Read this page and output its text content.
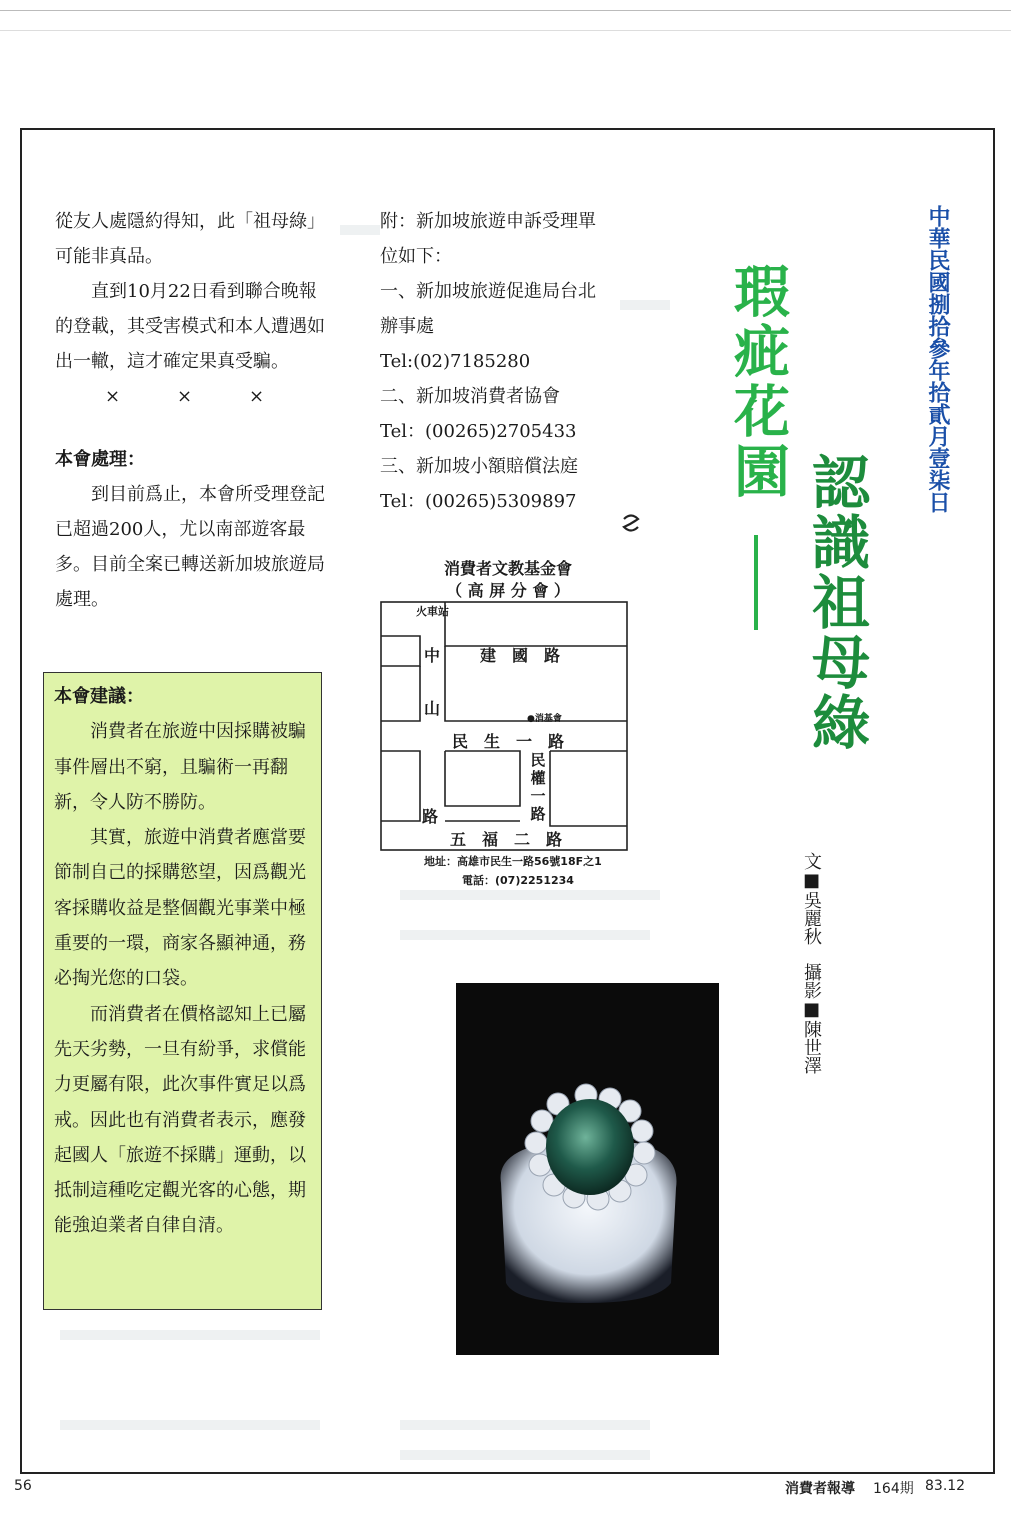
從友人處隱約得知，此「祖母綠」可能非真品。

直到10月22日看到聯合晚報的登載，其受害模式和本人遭遇如出一轍，這才確定果真受騙。

×	×	×

本會處理：

到目前爲止，本會所受理登記已超過200人，尤以南部遊客最多。目前全案已轉送新加坡旅遊局處理。

本會建議：

消費者在旅遊中因採購被騙事件層出不窮，且騙術一再翻新，令人防不勝防。

其實，旅遊中消費者應當要節制自己的採購慾望，因爲觀光客採購收益是整個觀光事業中極重要的一環，商家各顯神通，務必掏光您的口袋。

而消費者在價格認知上已屬先天劣勢，一旦有紛爭，求償能力更屬有限，此次事件實足以爲戒。因此也有消費者表示，應發起國人「旅遊不採購」運動，以抵制這種吃定觀光客的心態，期能強迫業者自律自清。

附：新加坡旅遊申訴受理單

位如下：

一、新加坡旅遊促進局台北

辦事處

Tel:(02)7185280

二、新加坡消費者協會

Tel：(00265)2705433

三、新加坡小額賠償法庭

Tel：(00265)5309897

消費者文教基金會
（ 高 屏 分 會 ）
火車站
中 建　國　路
山
●消基會
民　生　一　路
民
權
一
路
路
五　福　二　路
地址：高雄市民生一路56號18F之1
電話：(07)2251234
瑕疵花園
認識祖母綠
文■吳麗秋　攝影■陳世澤
中華民國捌拾參年拾貳月壹柒日
56	消費者報導 164期 83.12
